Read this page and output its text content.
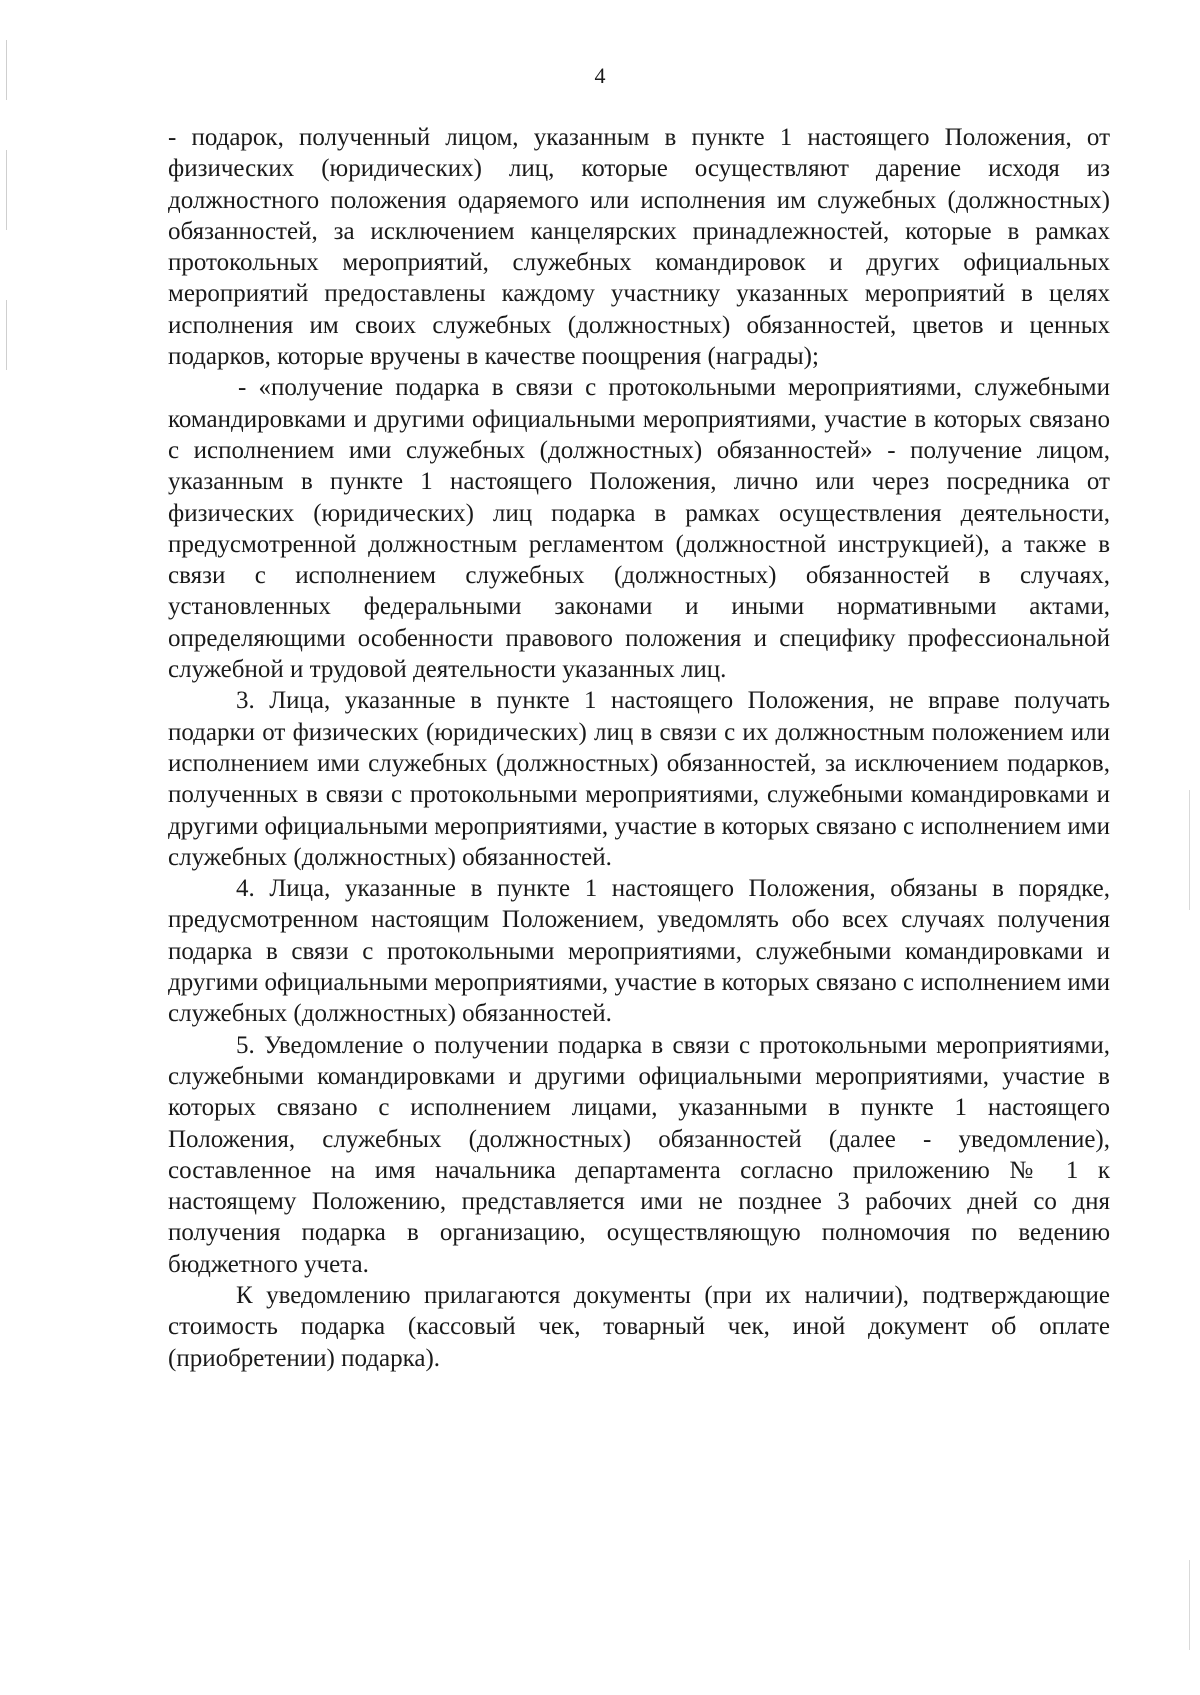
4

- подарок, полученный лицом, указанным в пункте 1 настоящего Положения, от физических (юридических) лиц, которые осуществляют дарение исходя из должностного положения одаряемого или исполнения им служебных (должностных) обязанностей, за исключением канцелярских принадлежностей, которые в рамках протокольных мероприятий, служебных командировок и других официальных мероприятий предоставлены каждому участнику указанных мероприятий в целях исполнения им своих служебных (должностных) обязанностей, цветов и ценных подарков, которые вручены в качестве поощрения (награды);

- «получение подарка в связи с протокольными мероприятиями, служебными командировками и другими официальными мероприятиями, участие в которых связано с исполнением ими служебных (должностных) обязанностей» - получение лицом, указанным в пункте 1 настоящего Положения, лично или через посредника от физических (юридических) лиц подарка в рамках осуществления деятельности, предусмотренной должностным регламентом (должностной инструкцией), а также в связи с исполнением служебных (должностных) обязанностей в случаях, установленных федеральными законами и иными нормативными актами, определяющими особенности правового положения и специфику профессиональной служебной и трудовой деятельности указанных лиц.

3. Лица, указанные в пункте 1 настоящего Положения, не вправе получать подарки от физических (юридических) лиц в связи с их должностным положением или исполнением ими служебных (должностных) обязанностей, за исключением подарков, полученных в связи с протокольными мероприятиями, служебными командировками и другими официальными мероприятиями, участие в которых связано с исполнением ими служебных (должностных) обязанностей.

4. Лица, указанные в пункте 1 настоящего Положения, обязаны в порядке, предусмотренном настоящим Положением, уведомлять обо всех случаях получения подарка в связи с протокольными мероприятиями, служебными командировками и другими официальными мероприятиями, участие в которых связано с исполнением ими служебных (должностных) обязанностей.

5. Уведомление о получении подарка в связи с протокольными мероприятиями, служебными командировками и другими официальными мероприятиями, участие в которых связано с исполнением лицами, указанными в пункте 1 настоящего Положения, служебных (должностных) обязанностей (далее - уведомление), составленное на имя начальника департамента согласно приложению № 1 к настоящему Положению, представляется ими не позднее 3 рабочих дней со дня получения подарка в организацию, осуществляющую полномочия по ведению бюджетного учета.

К уведомлению прилагаются документы (при их наличии), подтверждающие стоимость подарка (кассовый чек, товарный чек, иной документ об оплате (приобретении) подарка).
